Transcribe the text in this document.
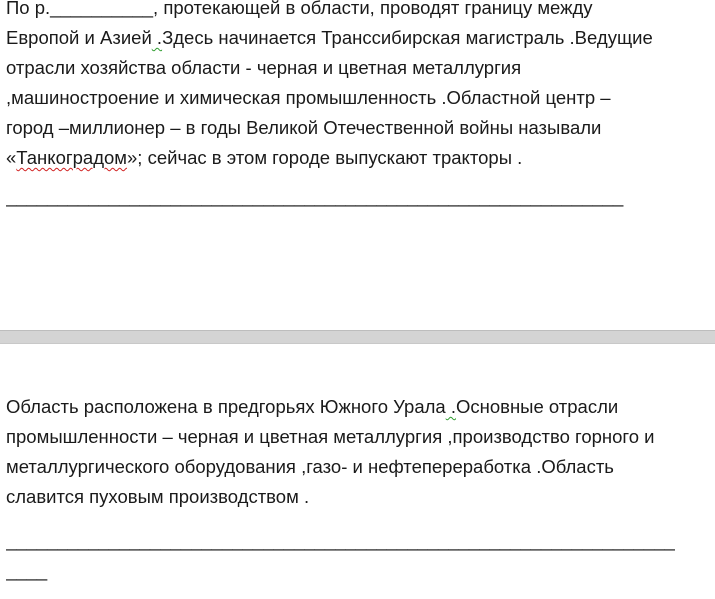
По р.__________, протекающей в области, проводят границу между
Европой и Азией .Здесь начинается Транссибирская магистраль .Ведущие
отрасли хозяйства области - черная и цветная металлургия
,машиностроение и химическая промышленность .Областной центр –
город –миллионер – в годы Великой Отечественной войны называли
«Танкоградом»; сейчас в этом городе выпускают тракторы .
____________________________________________________________
Область расположена в предгорьях Южного Урала .Основные отрасли
промышленности – черная и цветная металлургия ,производство горного и
металлургического оборудования ,газо- и нефтепереработка .Область
славится пуховым производством .
_________________________________________________________________
____
